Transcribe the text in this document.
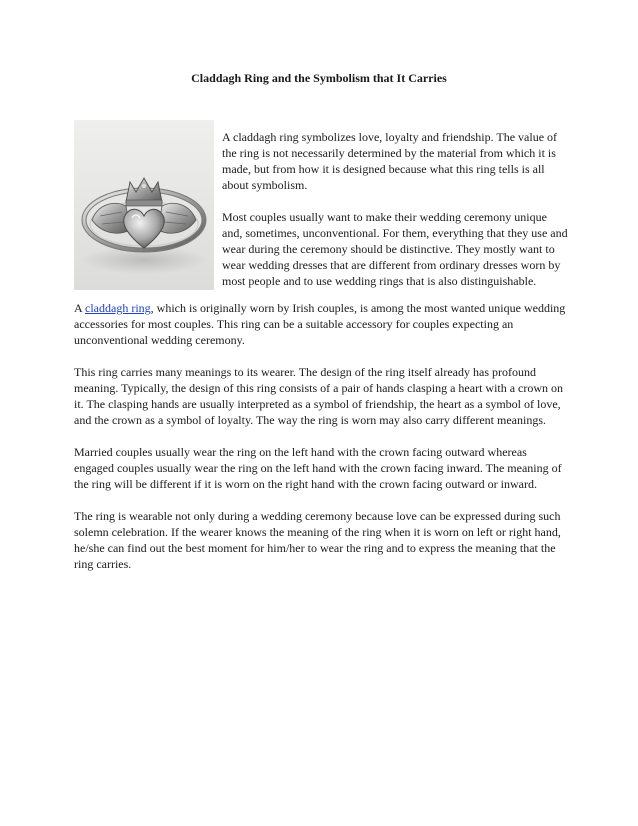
Claddagh Ring and the Symbolism that It Carries

A claddagh ring symbolizes love, loyalty and friendship. The value of the ring is not necessarily determined by the material from which it is made, but from how it is designed because what this ring tells is all about symbolism.

Most couples usually want to make their wedding ceremony unique and, sometimes, unconventional. For them, everything that they use and wear during the ceremony should be distinctive. They mostly want to wear wedding dresses that are different from ordinary dresses worn by most people and to use wedding rings that is also distinguishable.

A claddagh ring, which is originally worn by Irish couples, is among the most wanted unique wedding accessories for most couples. This ring can be a suitable accessory for couples expecting an unconventional wedding ceremony.

This ring carries many meanings to its wearer. The design of the ring itself already has profound meaning. Typically, the design of this ring consists of a pair of hands clasping a heart with a crown on it. The clasping hands are usually interpreted as a symbol of friendship, the heart as a symbol of love, and the crown as a symbol of loyalty. The way the ring is worn may also carry different meanings.

Married couples usually wear the ring on the left hand with the crown facing outward whereas engaged couples usually wear the ring on the left hand with the crown facing inward. The meaning of the ring will be different if it is worn on the right hand with the crown facing outward or inward.

The ring is wearable not only during a wedding ceremony because love can be expressed during such solemn celebration. If the wearer knows the meaning of the ring when it is worn on left or right hand, he/she can find out the best moment for him/her to wear the ring and to express the meaning that the ring carries.
